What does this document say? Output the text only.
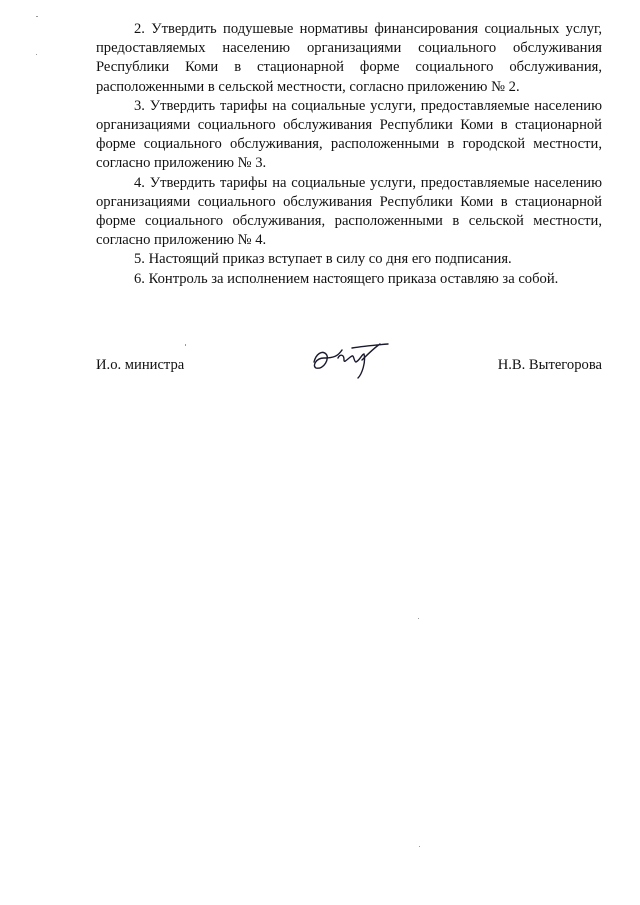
2. Утвердить подушевые нормативы финансирования социальных услуг, предоставляемых населению организациями социального обслуживания Республики Коми в стационарной форме социального обслуживания, расположенными в сельской местности, согласно приложению № 2.

3. Утвердить тарифы на социальные услуги, предоставляемые населению организациями социального обслуживания Республики Коми в стационарной форме социального обслуживания, расположенными в городской местности, согласно приложению № 3.

4. Утвердить тарифы на социальные услуги, предоставляемые населению организациями социального обслуживания Республики Коми в стационарной форме социального обслуживания, расположенными в сельской местности, согласно приложению № 4.

5. Настоящий приказ вступает в силу со дня его подписания.

6. Контроль за исполнением настоящего приказа оставляю за собой.

И.о. министра	Н.В. Вытегорова
